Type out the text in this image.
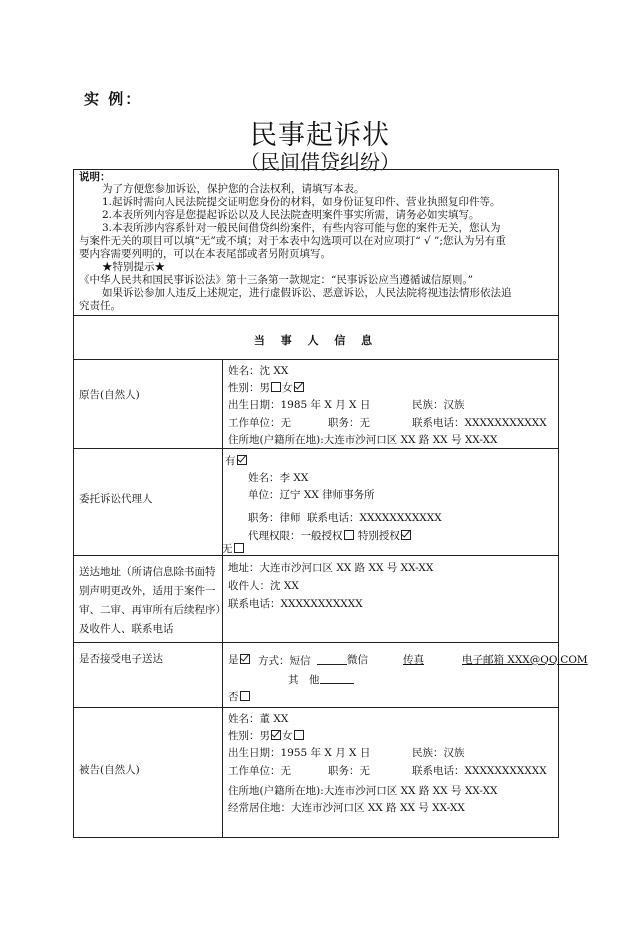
实 例：
民事起诉状
（民间借贷纠纷）
说明：
为了方便您参加诉讼，保护您的合法权利，请填写本表。
1.起诉时需向人民法院提交证明您身份的材料，如身份证复印件、营业执照复印件等。
2.本表所列内容是您提起诉讼以及人民法院查明案件事实所需，请务必如实填写。
3.本表所涉内容系针对一般民间借贷纠纷案件，有些内容可能与您的案件无关，您认为与案件无关的项目可以填“无”或不填；对于本表中勾选项可以在对应项打“ √ ”;您认为另有重要内容需要列明的，可以在本表尾部或者另附页填写。
★特别提示★
《中华人民共和国民事诉讼法》第十三条第一款规定：“民事诉讼应当遵循诚信原则。”
如果诉讼参加人违反上述规定，进行虚假诉讼、恶意诉讼，人民法院将视违法情形依法追究责任。
当 事 人 信 息
原告(自然人)
姓名：沈 XX
性别：男 女
出生日期：1985 年 X 月 X 日	民族：汉族
工作单位：无	职务：无	联系电话：XXXXXXXXXXX
住所地(户籍所在地):大连市沙河口区 XX 路 XX 号 XX-XX
委托诉讼代理人
有
姓名：李 XX
单位：辽宁 XX 律师事务所
职务：律师 联系电话：XXXXXXXXXXX
代理权限：一般授权 特别授权
无
送达地址（所请信息除书面特别声明更改外，适用于案件一审、二审、再审所有后续程序）及收件人、联系电话
地址：大连市沙河口区 XX 路 XX 号 XX-XX
收件人：沈 XX
联系电话：XXXXXXXXXXX
是否接受电子送达	是	方式：短信	微信	传真	电子邮箱 XXX@QQ.COM
其　他
否
被告(自然人)
姓名：董 XX
性别：男 女
出生日期：1955 年 X 月 X 日	民族：汉族
工作单位：无	职务：无	联系电话：XXXXXXXXXXX
住所地(户籍所在地):大连市沙河口区 XX 路 XX 号 XX-XX
经常居住地：大连市沙河口区 XX 路 XX 号 XX-XX
